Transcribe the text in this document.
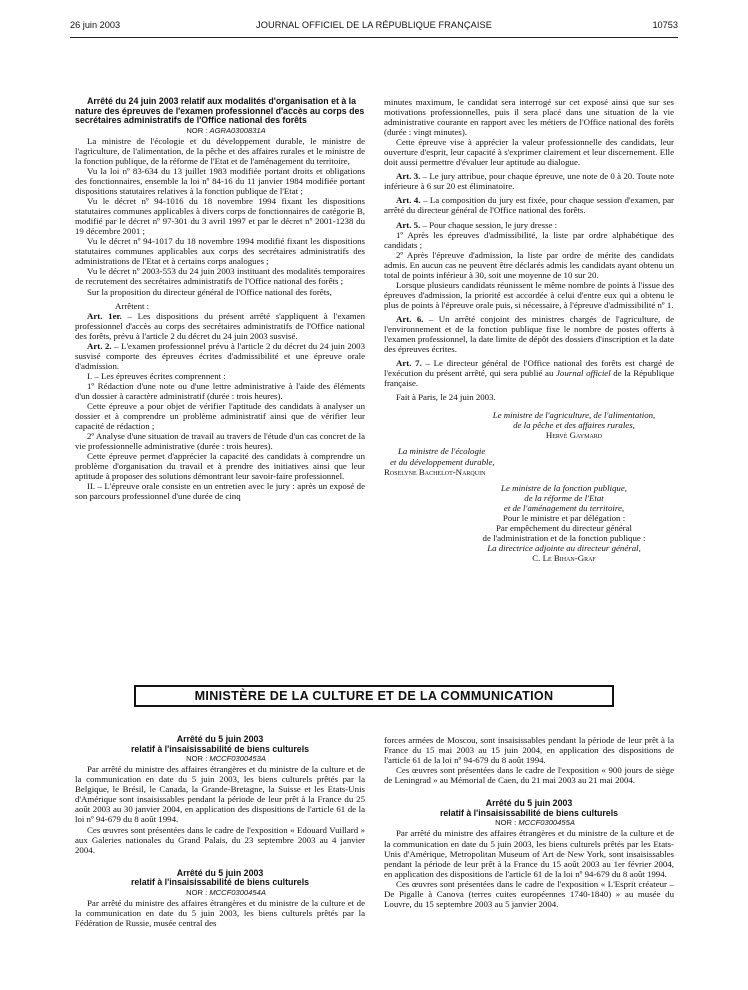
26 juin 2003	JOURNAL OFFICIEL DE LA RÉPUBLIQUE FRANÇAISE	10753

Arrêté du 24 juin 2003 relatif aux modalités d'organisation et à la nature des épreuves de l'examen professionnel d'accès au corps des secrétaires administratifs de l'Office national des forêts

NOR : AGRA0300831A

La ministre de l'écologie et du développement durable, le ministre de l'agriculture, de l'alimentation, de la pêche et des affaires rurales et le ministre de la fonction publique, de la réforme de l'Etat et de l'aménagement du territoire,

Vu la loi nº 83-634 du 13 juillet 1983 modifiée portant droits et obligations des fonctionnaires, ensemble la loi nº 84-16 du 11 janvier 1984 modifiée portant dispositions statutaires relatives à la fonction publique de l'Etat ;

Vu le décret nº 94-1016 du 18 novembre 1994 fixant les dispositions statutaires communes applicables à divers corps de fonctionnaires de catégorie B, modifié par le décret nº 97-301 du 3 avril 1997 et par le décret nº 2001-1238 du 19 décembre 2001 ;

Vu le décret nº 94-1017 du 18 novembre 1994 modifié fixant les dispositions statutaires communes applicables aux corps des secrétaires administratifs des administrations de l'Etat et à certains corps analogues ;

Vu le décret nº 2003-553 du 24 juin 2003 instituant des modalités temporaires de recrutement des secrétaires administratifs de l'Office national des forêts ;

Sur la proposition du directeur général de l'Office national des forêts,

Arrêtent :

Art. 1er. – Les dispositions du présent arrêté s'appliquent à l'examen professionnel d'accès au corps des secrétaires administratifs de l'Office national des forêts, prévu à l'article 2 du décret du 24 juin 2003 susvisé.

Art. 2. – L'examen professionnel prévu à l'article 2 du décret du 24 juin 2003 susvisé comporte des épreuves écrites d'admissibilité et une épreuve orale d'admission.

I. – Les épreuves écrites comprennent :

1º Rédaction d'une note ou d'une lettre administrative à l'aide des éléments d'un dossier à caractère administratif (durée : trois heures).

Cette épreuve a pour objet de vérifier l'aptitude des candidats à analyser un dossier et à comprendre un problème administratif ainsi que de vérifier leur capacité de rédaction ;

2º Analyse d'une situation de travail au travers de l'étude d'un cas concret de la vie professionnelle administrative (durée : trois heures).

Cette épreuve permet d'apprécier la capacité des candidats à comprendre un problème d'organisation du travail et à prendre des initiatives ainsi que leur aptitude à proposer des solutions démontrant leur savoir-faire professionnel.

II. – L'épreuve orale consiste en un entretien avec le jury : après un exposé de son parcours professionnel d'une durée de cinq

minutes maximum, le candidat sera interrogé sur cet exposé ainsi que sur ses motivations professionnelles, puis il sera placé dans une situation de la vie administrative courante en rapport avec les métiers de l'Office national des forêts (durée : vingt minutes).

Cette épreuve vise à apprécier la valeur professionnelle des candidats, leur ouverture d'esprit, leur capacité à s'exprimer clairement et leur discernement. Elle doit aussi permettre d'évaluer leur aptitude au dialogue.

Art. 3. – Le jury attribue, pour chaque épreuve, une note de 0 à 20. Toute note inférieure à 6 sur 20 est éliminatoire.

Art. 4. – La composition du jury est fixée, pour chaque session d'examen, par arrêté du directeur général de l'Office national des forêts.

Art. 5. – Pour chaque session, le jury dresse :

1º Après les épreuves d'admissibilité, la liste par ordre alphabétique des candidats ;

2º Après l'épreuve d'admission, la liste par ordre de mérite des candidats admis. En aucun cas ne peuvent être déclarés admis les candidats ayant obtenu un total de points inférieur à 30, soit une moyenne de 10 sur 20.

Lorsque plusieurs candidats réunissent le même nombre de points à l'issue des épreuves d'admission, la priorité est accordée à celui d'entre eux qui a obtenu le plus de points à l'épreuve orale puis, si nécessaire, à l'épreuve d'admissibilité nº 1.

Art. 6. – Un arrêté conjoint des ministres chargés de l'agriculture, de l'environnement et de la fonction publique fixe le nombre de postes offerts à l'examen professionnel, la date limite de dépôt des dossiers d'inscription et la date des épreuves écrites.

Art. 7. – Le directeur général de l'Office national des forêts est chargé de l'exécution du présent arrêté, qui sera publié au Journal officiel de la République française.

Fait à Paris, le 24 juin 2003.

Le ministre de l'agriculture, de l'alimentation,
de la pêche et des affaires rurales,
Hervé Gaymard

La ministre de l'écologie
et du développement durable,
Roselyne Bachelot-Narquin

Le ministre de la fonction publique,
de la réforme de l'Etat
et de l'aménagement du territoire,
Pour le ministre et par délégation :
Par empêchement du directeur général
de l'administration et de la fonction publique :
La directrice adjointe au directeur général,
C. Le Bihan-Graf

MINISTÈRE DE LA CULTURE ET DE LA COMMUNICATION

Arrêté du 5 juin 2003
relatif à l'insaisissabilité de biens culturels

NOR : MCCF0300453A

Par arrêté du ministre des affaires étrangères et du ministre de la culture et de la communication en date du 5 juin 2003, les biens culturels prêtés par la Belgique, le Brésil, le Canada, la Grande-Bretagne, la Suisse et les Etats-Unis d'Amérique sont insaisissables pendant la période de leur prêt à la France du 25 août 2003 au 30 janvier 2004, en application des dispositions de l'article 61 de la loi nº 94-679 du 8 août 1994.

Ces œuvres sont présentées dans le cadre de l'exposition « Edouard Vuillard » aux Galeries nationales du Grand Palais, du 23 septembre 2003 au 4 janvier 2004.

Arrêté du 5 juin 2003
relatif à l'insaisissabilité de biens culturels

NOR : MCCF0300454A

Par arrêté du ministre des affaires étrangères et du ministre de la culture et de la communication en date du 5 juin 2003, les biens culturels prêtés par la Fédération de Russie, musée central des

forces armées de Moscou, sont insaisissables pendant la période de leur prêt à la France du 15 mai 2003 au 15 juin 2004, en application des dispositions de l'article 61 de la loi nº 94-679 du 8 août 1994.

Ces œuvres sont présentées dans le cadre de l'exposition « 900 jours de siège de Leningrad » au Mémorial de Caen, du 21 mai 2003 au 21 mai 2004.

Arrêté du 5 juin 2003
relatif à l'insaisissabilité de biens culturels

NOR : MCCF0300455A

Par arrêté du ministre des affaires étrangères et du ministre de la culture et de la communication en date du 5 juin 2003, les biens culturels prêtés par les Etats-Unis d'Amérique, Metropolitan Museum of Art de New York, sont insaisissables pendant la période de leur prêt à la France du 15 août 2003 au 1er février 2004, en application des dispositions de l'article 61 de la loi nº 94-679 du 8 août 1994.

Ces œuvres sont présentées dans le cadre de l'exposition « L'Esprit créateur – De Pigalle à Canova (terres cuites européennes 1740-1840) » au musée du Louvre, du 15 septembre 2003 au 5 janvier 2004.
